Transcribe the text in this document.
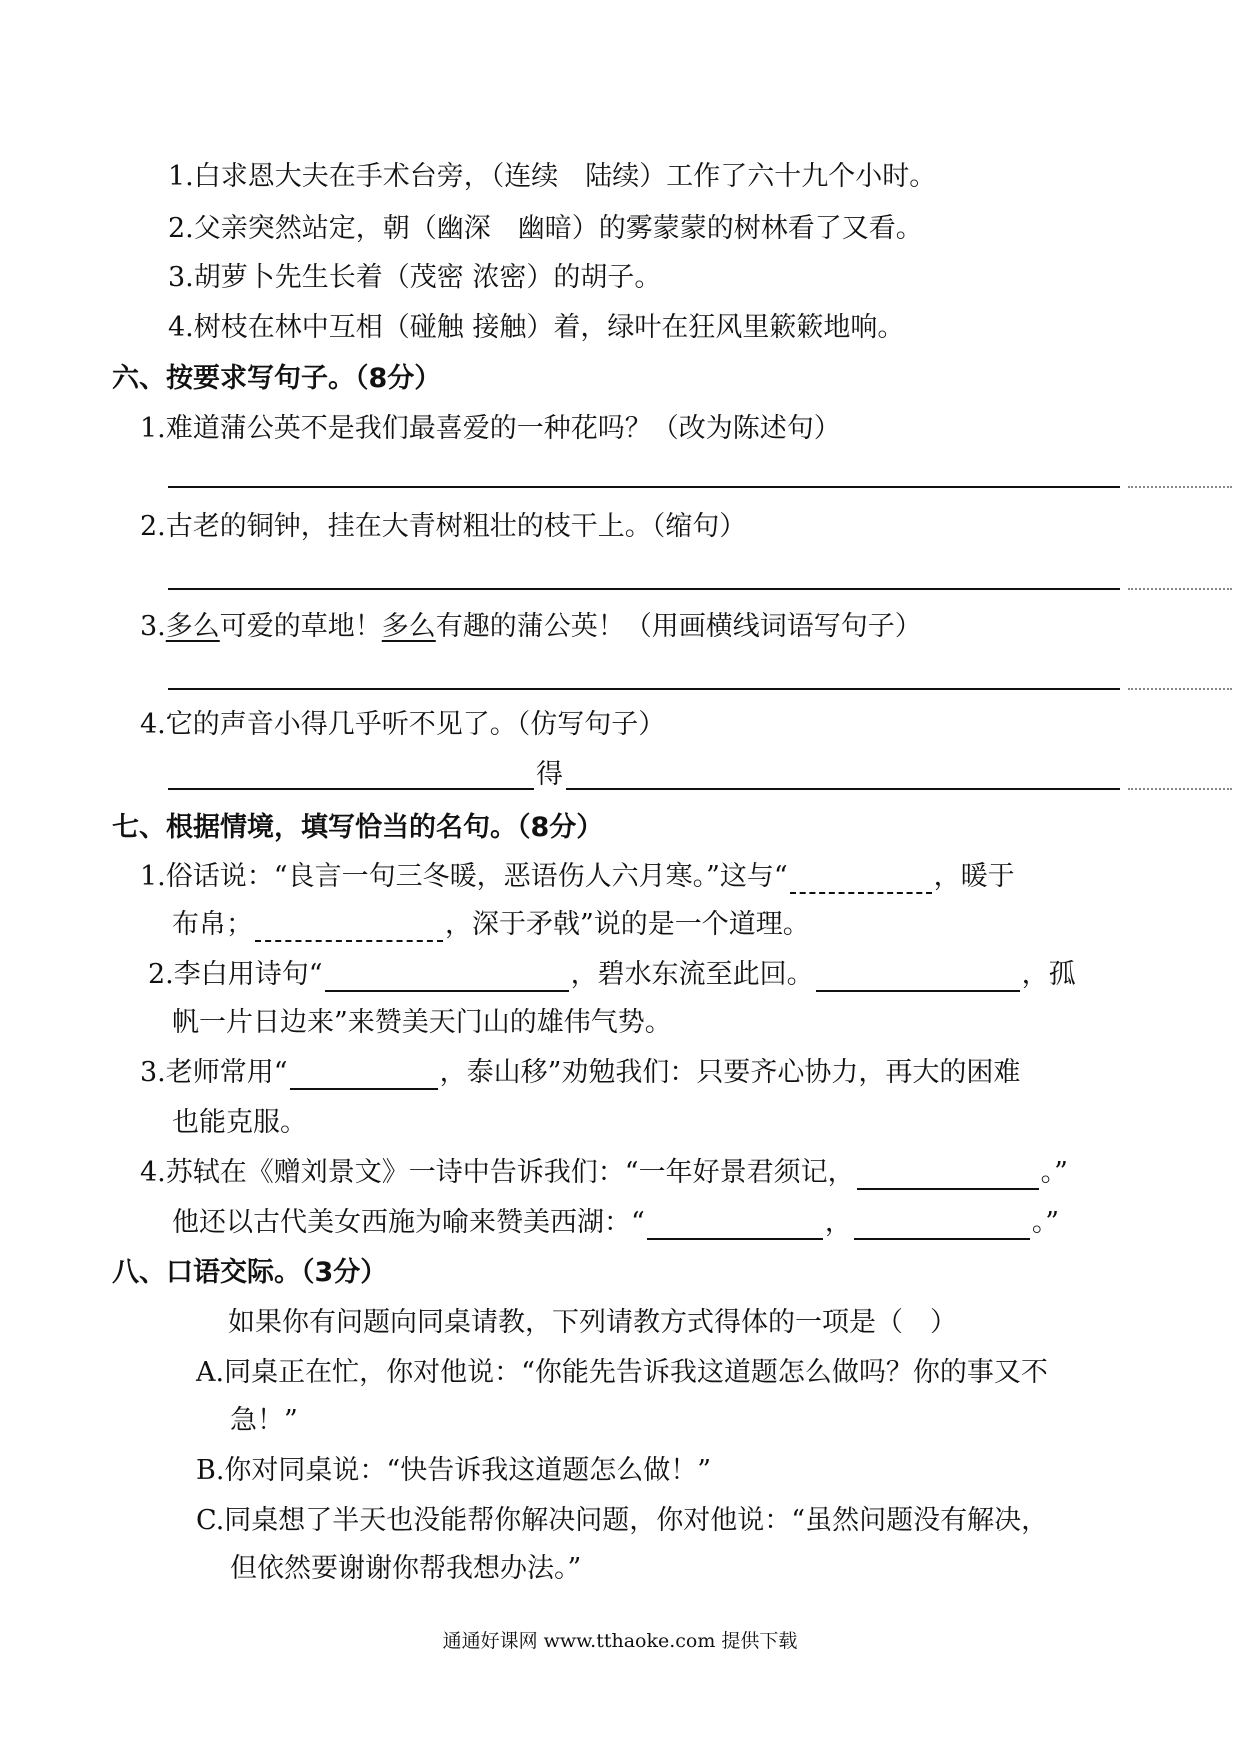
1.白求恩大夫在手术台旁，（连续　陆续）工作了六十九个小时。
2.父亲突然站定，朝（幽深　幽暗）的雾蒙蒙的树林看了又看。
3.胡萝卜先生长着（茂密 浓密）的胡子。
4.树枝在林中互相（碰触 接触）着，绿叶在狂风里簌簌地响。
六、按要求写句子。（8分）
1.难道蒲公英不是我们最喜爱的一种花吗？（改为陈述句）
2.古老的铜钟，挂在大青树粗壮的枝干上。（缩句）
3.多么可爱的草地！多么有趣的蒲公英！（用画横线词语写句子）
4.它的声音小得几乎听不见了。（仿写句子）
得
七、根据情境，填写恰当的名句。（8分）
1.俗话说：“良言一句三冬暖，恶语伤人六月寒。”这与“	，暖于
布帛；	，深于矛戟”说的是一个道理。
2.李白用诗句“	，碧水东流至此回。	，孤
帆一片日边来”来赞美天门山的雄伟气势。
3.老师常用“	，泰山移”劝勉我们：只要齐心协力，再大的困难
也能克服。
4.苏轼在《赠刘景文》一诗中告诉我们：“一年好景君须记，	。”
他还以古代美女西施为喻来赞美西湖：“	，	。”
八、口语交际。（3分）
如果你有问题向同桌请教，下列请教方式得体的一项是（　）
A.同桌正在忙，你对他说：“你能先告诉我这道题怎么做吗？你的事又不
急！”
B.你对同桌说：“快告诉我这道题怎么做！”
C.同桌想了半天也没能帮你解决问题，你对他说：“虽然问题没有解决，
但依然要谢谢你帮我想办法。”
通通好课网 www.tthaoke.com 提供下载
